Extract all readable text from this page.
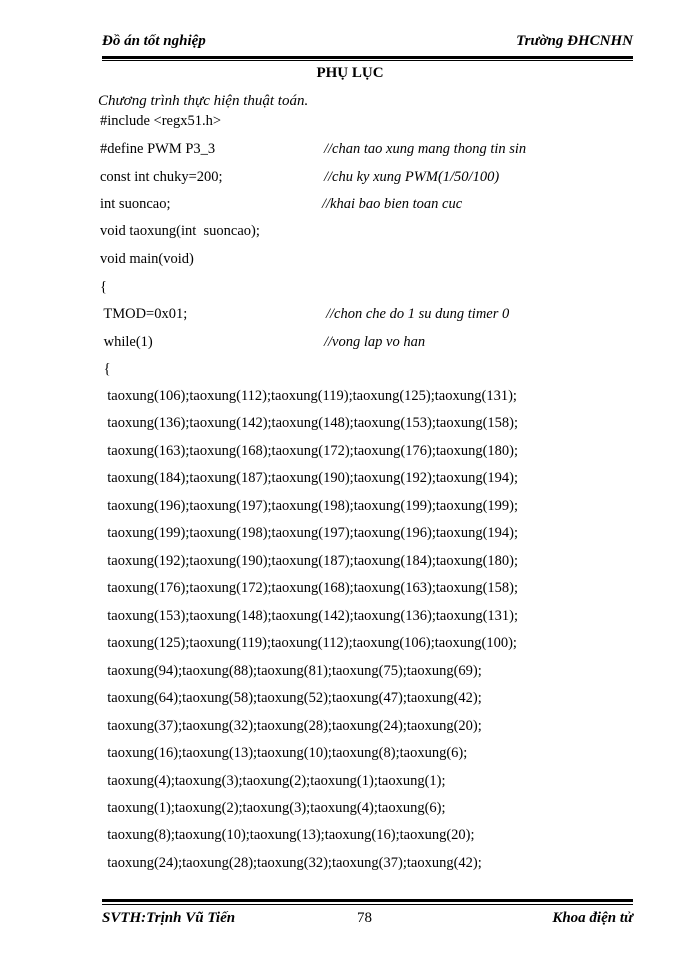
Đồ án tốt nghiệp	Trường ĐHCNHN
PHỤ LỤC
Chương trình thực hiện thuật toán.
#include <regx51.h>
#define PWM P3_3	//chan tao xung mang thong tin sin
const int chuky=200;	//chu ky xung PWM(1/50/100)
int suoncao;	//khai bao bien toan cuc
void taoxung(int  suoncao);
void main(void)
{
TMOD=0x01;	//chon che do 1 su dung timer 0
while(1)	//vong lap vo han
{
taoxung(106);taoxung(112);taoxung(119);taoxung(125);taoxung(131);
taoxung(136);taoxung(142);taoxung(148);taoxung(153);taoxung(158);
taoxung(163);taoxung(168);taoxung(172);taoxung(176);taoxung(180);
taoxung(184);taoxung(187);taoxung(190);taoxung(192);taoxung(194);
taoxung(196);taoxung(197);taoxung(198);taoxung(199);taoxung(199);
taoxung(199);taoxung(198);taoxung(197);taoxung(196);taoxung(194);
taoxung(192);taoxung(190);taoxung(187);taoxung(184);taoxung(180);
taoxung(176);taoxung(172);taoxung(168);taoxung(163);taoxung(158);
taoxung(153);taoxung(148);taoxung(142);taoxung(136);taoxung(131);
taoxung(125);taoxung(119);taoxung(112);taoxung(106);taoxung(100);
taoxung(94);taoxung(88);taoxung(81);taoxung(75);taoxung(69);
taoxung(64);taoxung(58);taoxung(52);taoxung(47);taoxung(42);
taoxung(37);taoxung(32);taoxung(28);taoxung(24);taoxung(20);
taoxung(16);taoxung(13);taoxung(10);taoxung(8);taoxung(6);
taoxung(4);taoxung(3);taoxung(2);taoxung(1);taoxung(1);
taoxung(1);taoxung(2);taoxung(3);taoxung(4);taoxung(6);
taoxung(8);taoxung(10);taoxung(13);taoxung(16);taoxung(20);
taoxung(24);taoxung(28);taoxung(32);taoxung(37);taoxung(42);
SVTH:Trịnh Vũ Tiến	78	Khoa điện tử
